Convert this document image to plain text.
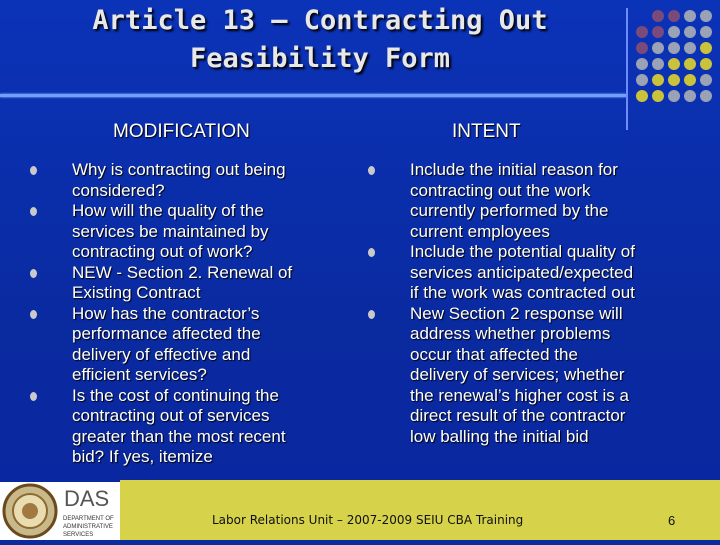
Article 13 – Contracting Out
Feasibility Form
MODIFICATION	INTENT
Why is contracting out being
considered?
How will the quality of the
services be maintained by
contracting out of work?
NEW - Section 2. Renewal of
Existing Contract
How has the contractor’s
performance affected the
delivery of effective and
efficient services?
Is the cost of continuing the
contracting out of services
greater than the most recent
bid? If yes, itemize
Include the initial reason for
contracting out the work
currently performed by the
current employees
Include the potential quality of
services anticipated/expected
if the work was contracted out
New Section 2 response will
address whether problems
occur that affected the
delivery of services; whether
the renewal’s higher cost is a
direct result of the contractor
low balling the initial bid
Labor Relations Unit – 2007-2009 SEIU CBA Training	6
DAS
DEPARTMENT OF
ADMINISTRATIVE
SERVICES
